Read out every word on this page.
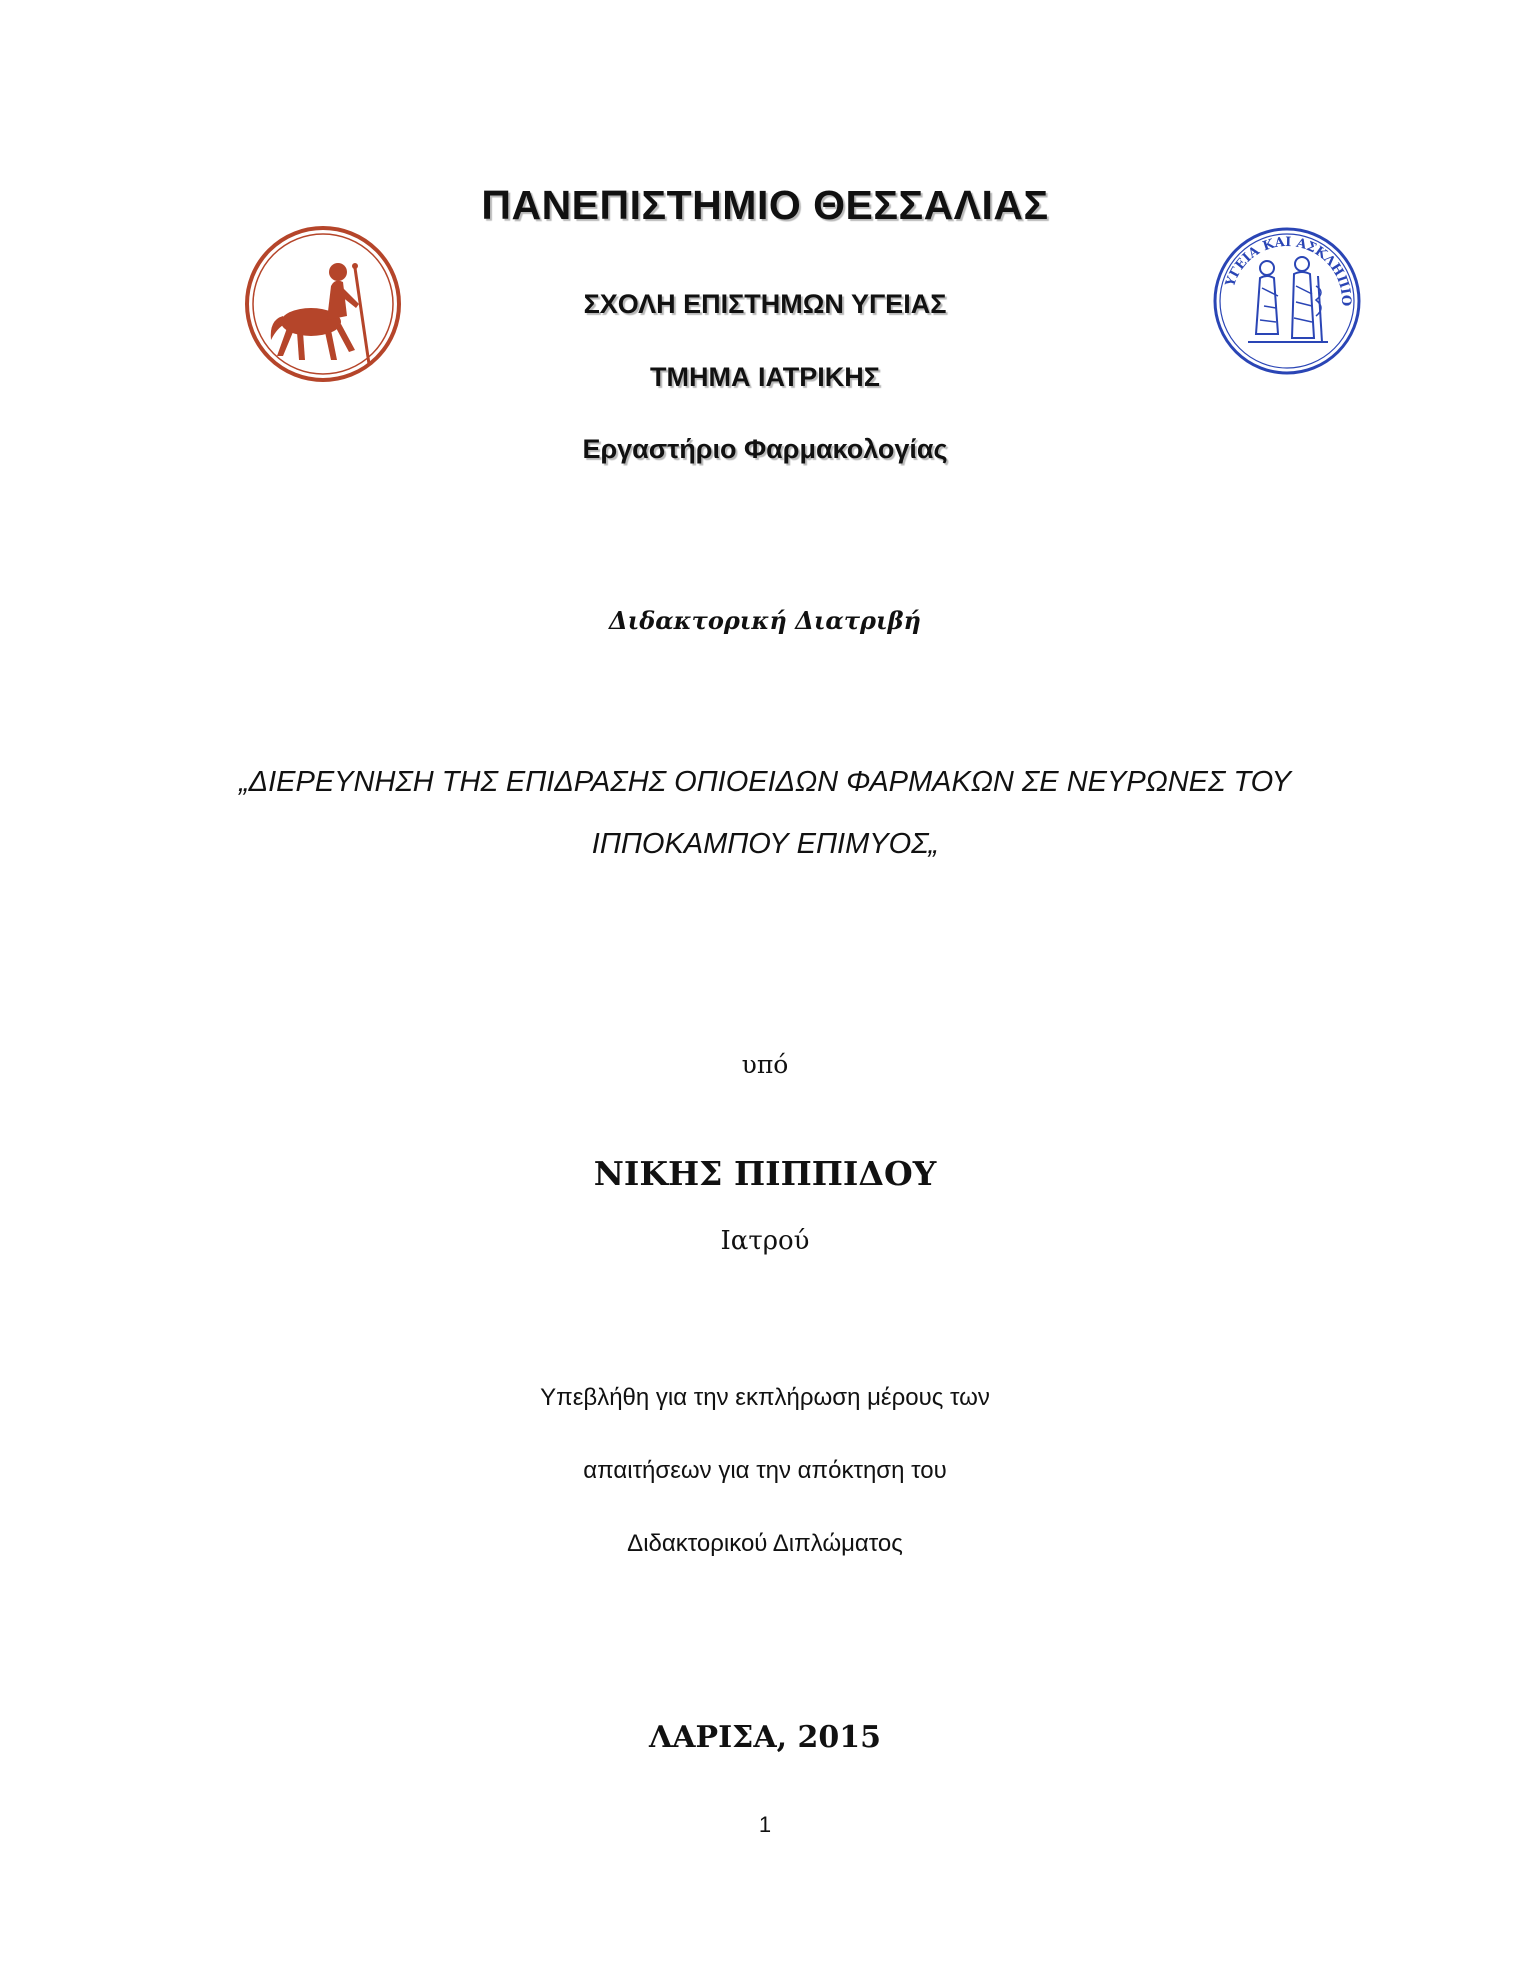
ΥΓΕΙΑ ΚΑΙ ΑΣΚΛΗΠΙΟ
ΠΑΝΕΠΙΣΤΗΜΙΟ ΘΕΣΣΑΛΙΑΣ
ΣΧΟΛΗ ΕΠΙΣΤΗΜΩΝ ΥΓΕΙΑΣ
ΤΜΗΜΑ ΙΑΤΡΙΚΗΣ
Εργαστήριο Φαρμακολογίας
Διδακτορική Διατριβή
„ΔΙΕΡΕΥΝΗΣΗ ΤΗΣ ΕΠΙΔΡΑΣΗΣ ΟΠΙΟΕΙΔΩΝ ΦΑΡΜΑΚΩΝ ΣΕ ΝΕΥΡΩΝΕΣ ΤΟΥ
ΙΠΠΟΚΑΜΠΟΥ ΕΠΙΜΥΟΣ„
υπό
ΝΙΚΗΣ ΠΙΠΠΙΔΟΥ
Ιατρού
Υπεβλήθη για την εκπλήρωση μέρους των
απαιτήσεων για την απόκτηση του
Διδακτορικού Διπλώματος
ΛΑΡΙΣΑ, 2015
1
